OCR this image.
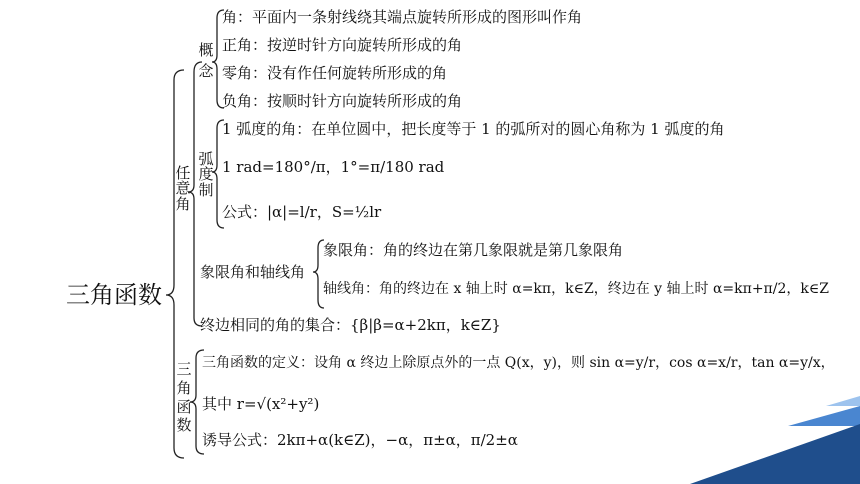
三角函数
任意角
概念
角：平面内一条射线绕其端点旋转所形成的图形叫作角
正角：按逆时针方向旋转所形成的角
零角：没有作任何旋转所形成的角
负角：按顺时针方向旋转所形成的角
弧度制
1 弧度的角：在单位圆中，把长度等于 1 的弧所对的圆心角称为 1 弧度的角
1 rad=180°/π，1°=π/180 rad
公式：|α|=l/r，S=½lr
象限角和轴线角
象限角：角的终边在第几象限就是第几象限角
轴线角：角的终边在 x 轴上时 α=kπ，k∈Z，终边在 y 轴上时 α=kπ+π/2，k∈Z
终边相同的角的集合：{β|β=α+2kπ，k∈Z}
三角函数
三角函数的定义：设角 α 终边上除原点外的一点 Q(x，y)，则 sin α=y/r，cos α=x/r，tan α=y/x，
其中 r=√(x²+y²)
诱导公式：2kπ+α(k∈Z)，−α，π±α，π/2±α
